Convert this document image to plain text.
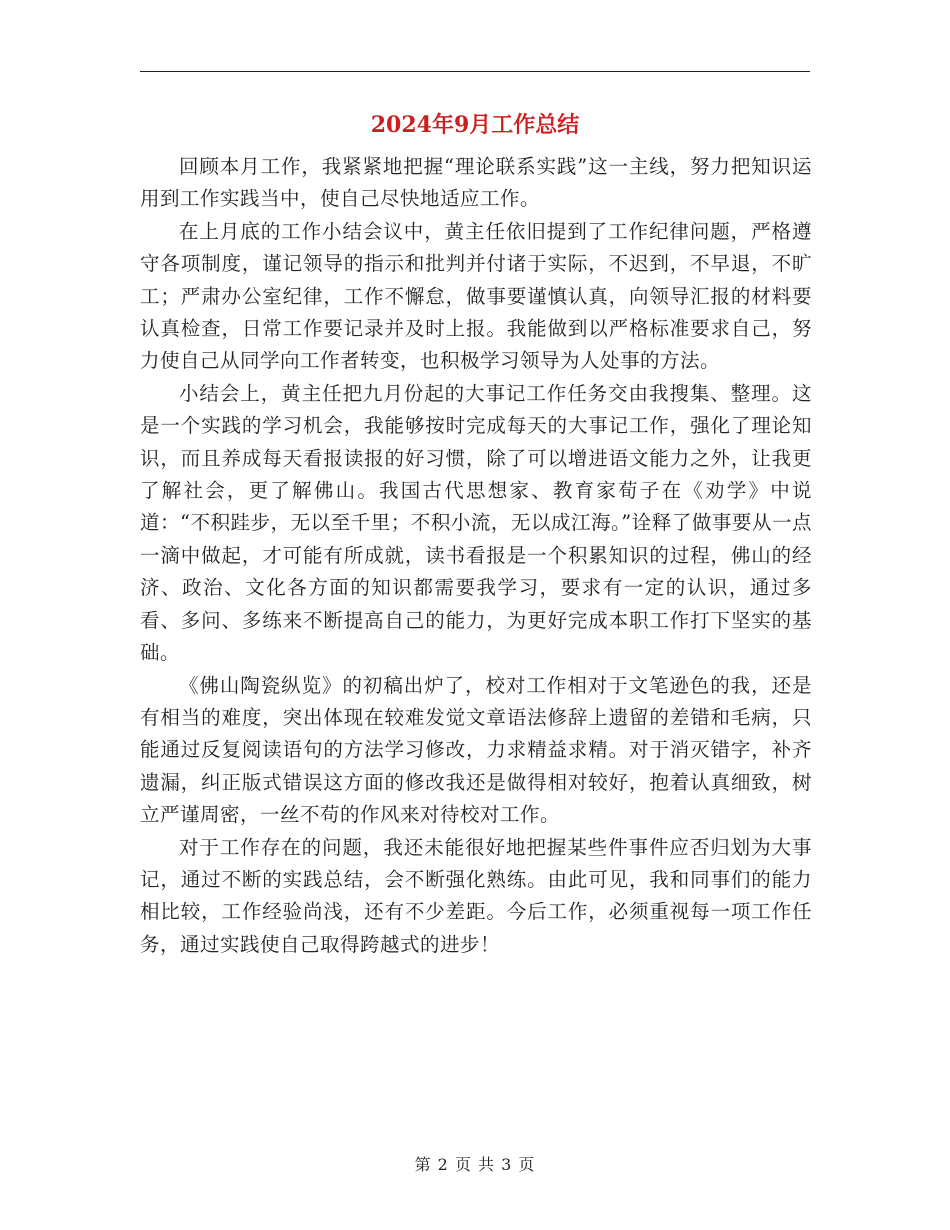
2024年9月工作总结

回顾本月工作，我紧紧地把握“理论联系实践”这一主线，努力把知识运用到工作实践当中，使自己尽快地适应工作。

在上月底的工作小结会议中，黄主任依旧提到了工作纪律问题，严格遵守各项制度，谨记领导的指示和批判并付诸于实际，不迟到，不早退，不旷工；严肃办公室纪律，工作不懈怠，做事要谨慎认真，向领导汇报的材料要认真检查，日常工作要记录并及时上报。我能做到以严格标准要求自己，努力使自己从同学向工作者转变，也积极学习领导为人处事的方法。

小结会上，黄主任把九月份起的大事记工作任务交由我搜集、整理。这是一个实践的学习机会，我能够按时完成每天的大事记工作，强化了理论知识，而且养成每天看报读报的好习惯，除了可以增进语文能力之外，让我更了解社会，更了解佛山。我国古代思想家、教育家荀子在《劝学》中说道：“不积跬步，无以至千里；不积小流，无以成江海。”诠释了做事要从一点一滴中做起，才可能有所成就，读书看报是一个积累知识的过程，佛山的经济、政治、文化各方面的知识都需要我学习，要求有一定的认识，通过多看、多问、多练来不断提高自己的能力，为更好完成本职工作打下坚实的基础。

《佛山陶瓷纵览》的初稿出炉了，校对工作相对于文笔逊色的我，还是有相当的难度，突出体现在较难发觉文章语法修辞上遗留的差错和毛病，只能通过反复阅读语句的方法学习修改，力求精益求精。对于消灭错字，补齐遗漏，纠正版式错误这方面的修改我还是做得相对较好，抱着认真细致，树立严谨周密，一丝不苟的作风来对待校对工作。

对于工作存在的问题，我还未能很好地把握某些件事件应否归划为大事记，通过不断的实践总结，会不断强化熟练。由此可见，我和同事们的能力相比较，工作经验尚浅，还有不少差距。今后工作，必须重视每一项工作任务，通过实践使自己取得跨越式的进步！

第 2 页 共 3 页
